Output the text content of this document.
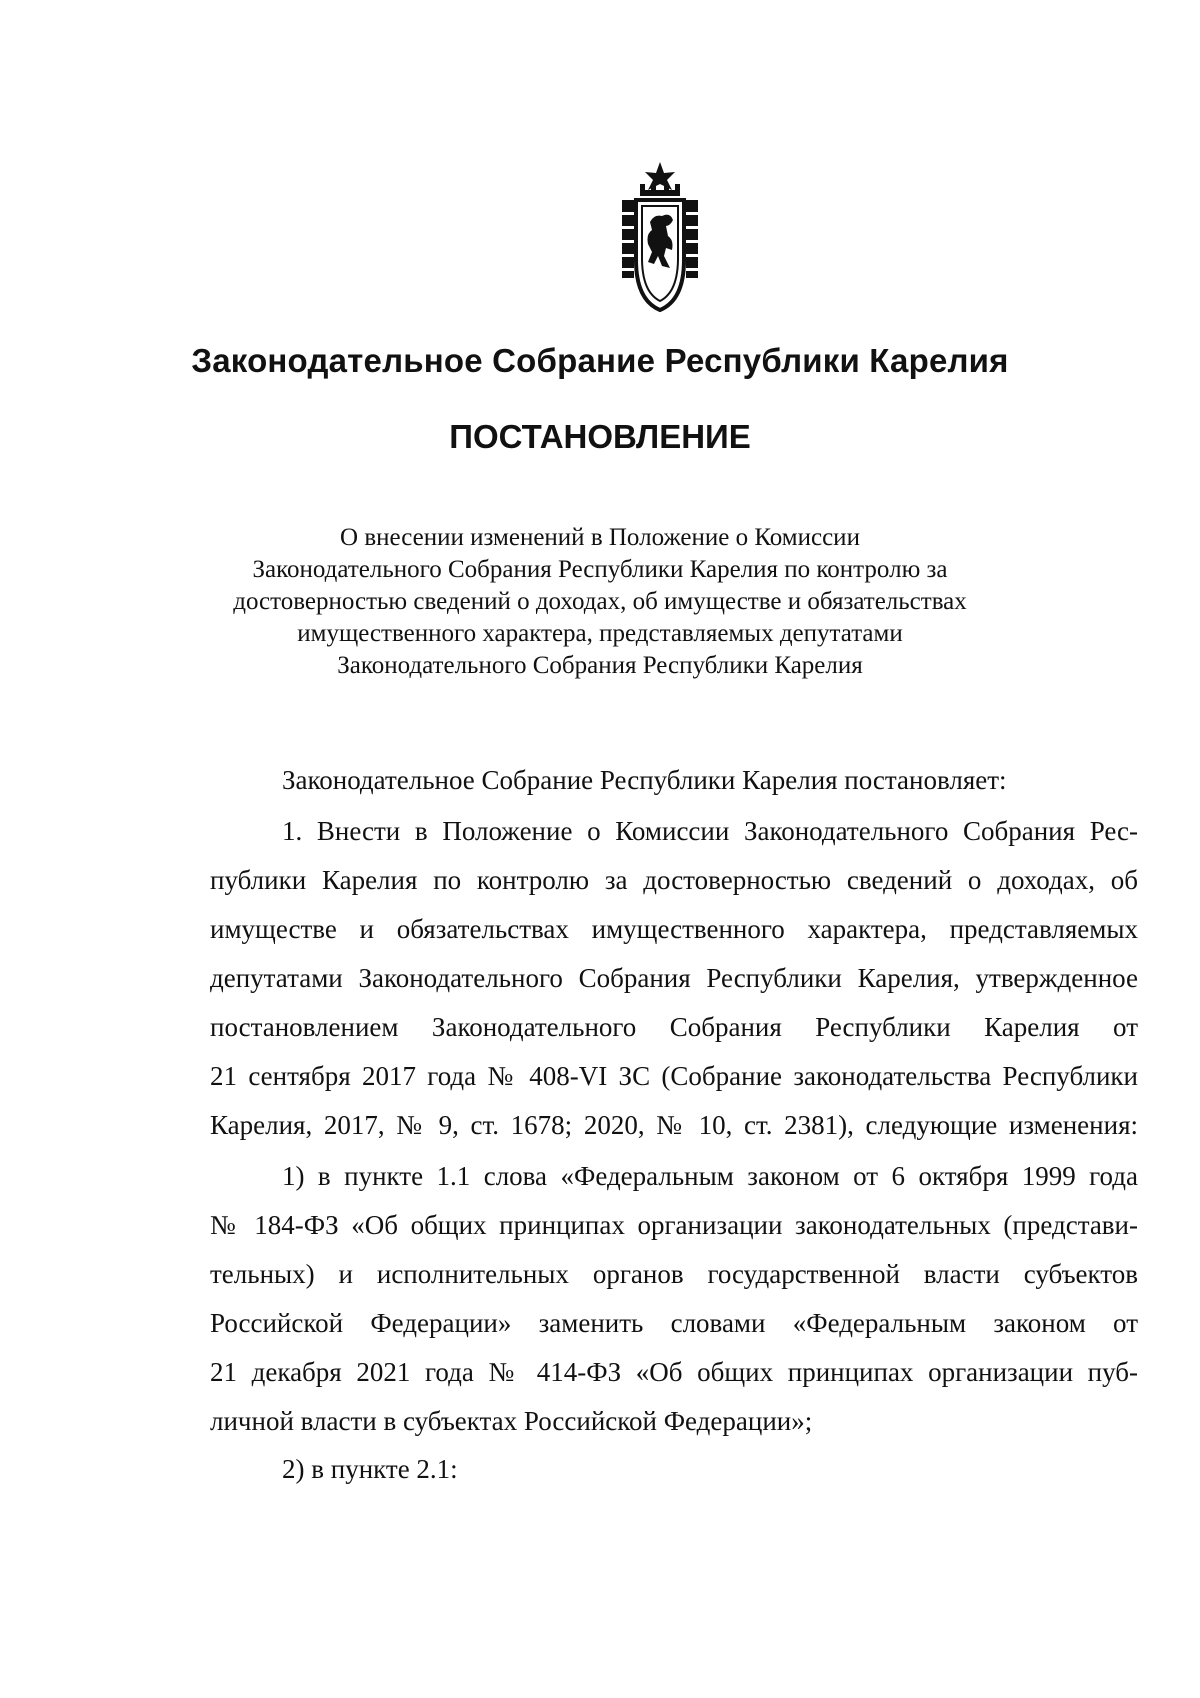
Законодательное Собрание Республики Карелия
ПОСТАНОВЛЕНИЕ
О внесении изменений в Положение о Комиссии
Законодательного Собрания Республики Карелия по контролю за
достоверностью сведений о доходах, об имуществе и обязательствах
имущественного характера, представляемых депутатами
Законодательного Собрания Республики Карелия
Законодательное Собрание Республики Карелия постановляет:
1. Внести в Положение о Комиссии Законодательного Собрания Рес-
публики Карелия по контролю за достоверностью сведений о доходах, об
имуществе и обязательствах имущественного характера, представляемых
депутатами Законодательного Собрания Республики Карелия, утвержденное
постановлением Законодательного Собрания Республики Карелия от
21 сентября 2017 года № 408-VI ЗС (Собрание законодательства Республики
Карелия, 2017, № 9, ст. 1678; 2020, № 10, ст. 2381), следующие изменения:
1) в пункте 1.1 слова «Федеральным законом от 6 октября 1999 года
№ 184-ФЗ «Об общих принципах организации законодательных (представи-
тельных) и исполнительных органов государственной власти субъектов
Российской Федерации» заменить словами «Федеральным законом от
21 декабря 2021 года № 414-ФЗ «Об общих принципах организации пуб-
личной власти в субъектах Российской Федерации»;
2) в пункте 2.1:
